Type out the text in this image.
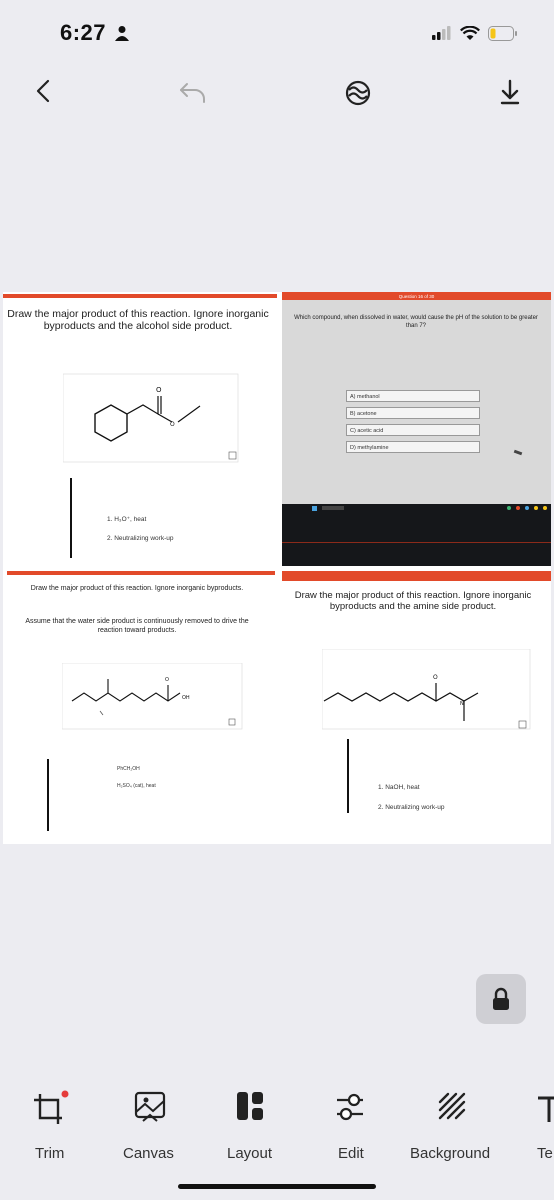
6:27
Draw the major product of this reaction. Ignore inorganic byproducts and the alcohol side product.
O
O
1. H₃O⁺, heat
2. Neutralizing work-up
Question 16 of 30
Which compound, when dissolved in water, would cause the pH of the solution to be greater than 7?
A) methanol
B) acetone
C) acetic acid
D) methylamine
Draw the major product of this reaction. Ignore inorganic byproducts.
Assume that the water side product is continuously removed to drive the reaction toward products.
O
OH
PhCH₂OH
H₂SO₄ (cat), heat
Draw the major product of this reaction. Ignore inorganic byproducts and the amine side product.
O
N
1. NaOH, heat
2. Neutralizing work-up
Trim	Canvas	Layout	Edit	Background	Te
